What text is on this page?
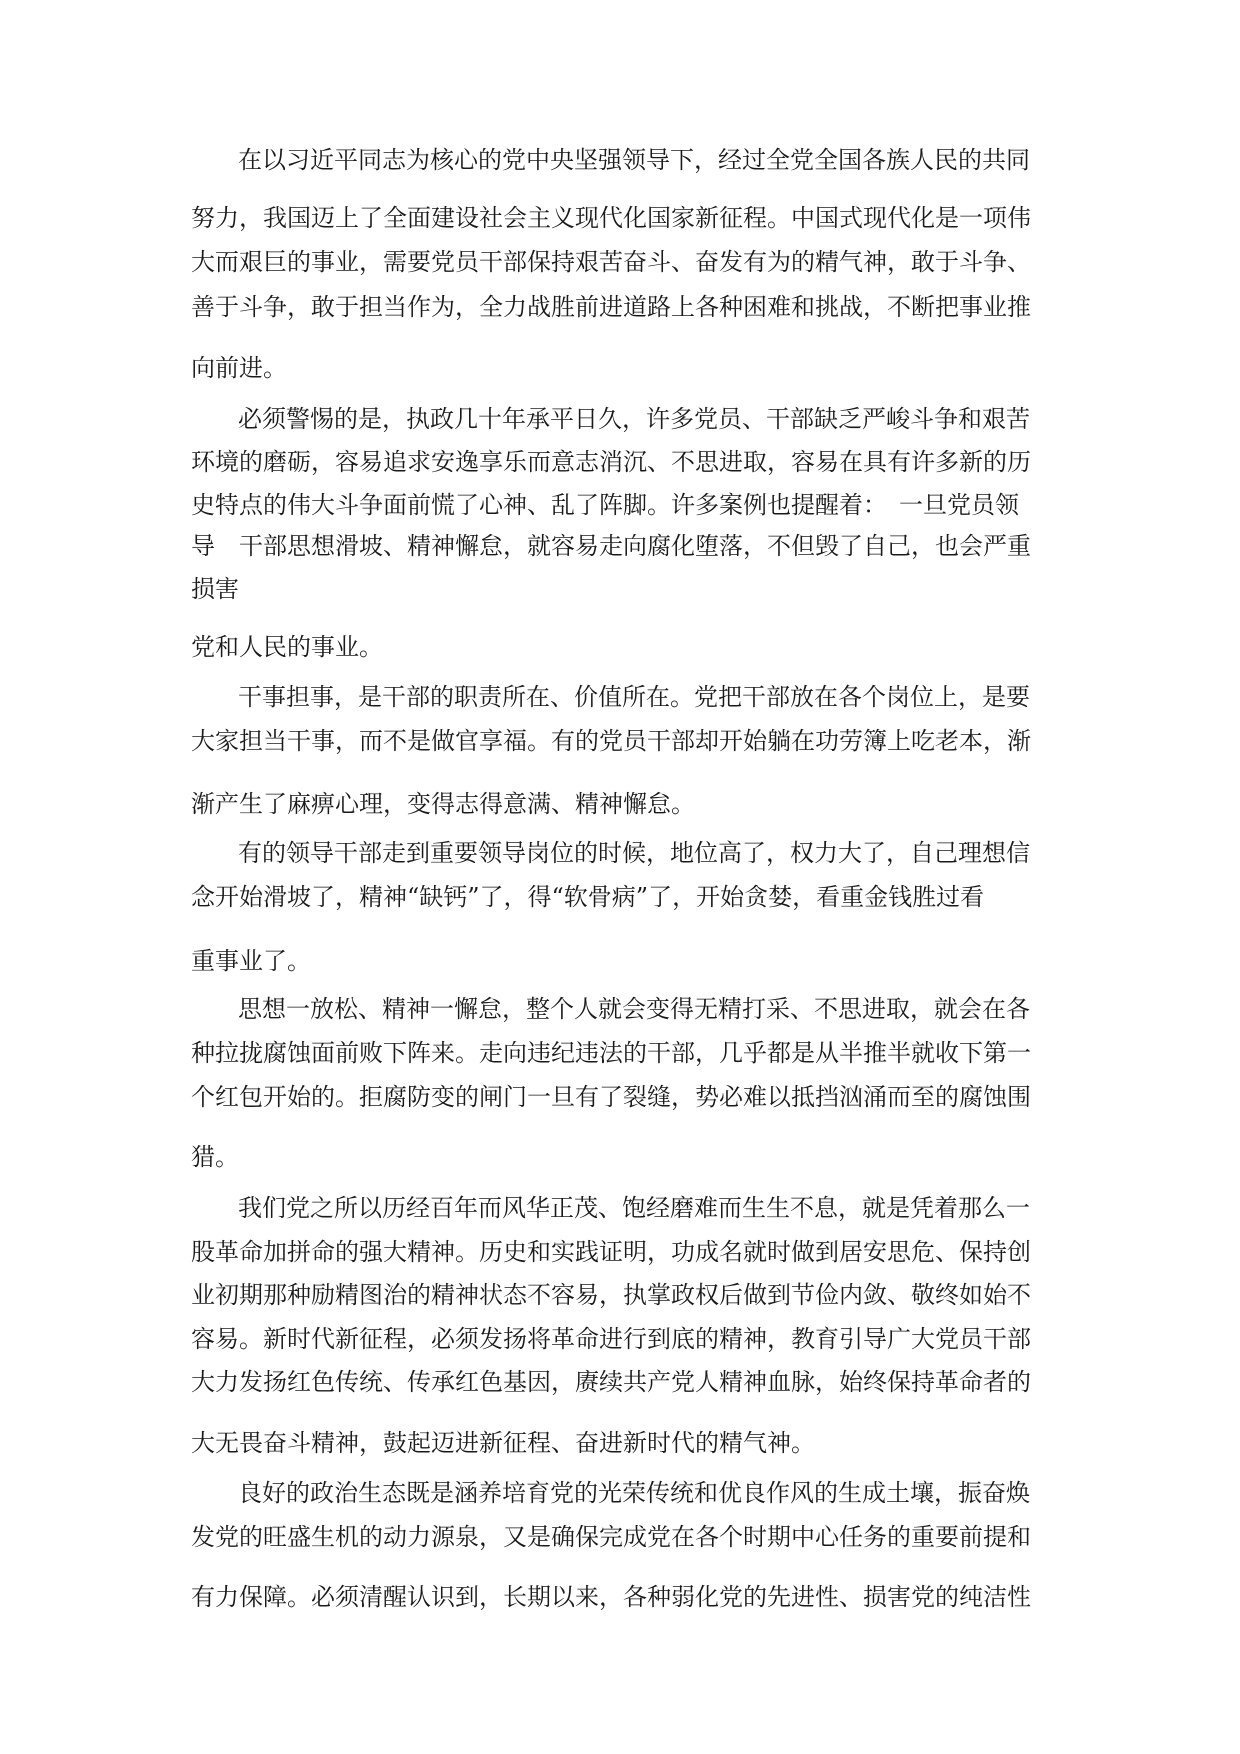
在以习近平同志为核心的党中央坚强领导下，经过全党全国各族人民的共同

努力，我国迈上了全面建设社会主义现代化国家新征程。中国式现代化是一项伟

大而艰巨的事业，需要党员干部保持艰苦奋斗、奋发有为的精气神，敢于斗争、

善于斗争，敢于担当作为，全力战胜前进道路上各种困难和挑战，不断把事业推

向前进。

必须警惕的是，执政几十年承平日久，许多党员、干部缺乏严峻斗争和艰苦

环境的磨砺，容易追求安逸享乐而意志消沉、不思进取，容易在具有许多新的历

史特点的伟大斗争面前慌了心神、乱了阵脚。许多案例也提醒着：　一旦党员领

导　干部思想滑坡、精神懈怠，就容易走向腐化堕落，不但毁了自己，也会严重

损害

党和人民的事业。

干事担事，是干部的职责所在、价值所在。党把干部放在各个岗位上，是要

大家担当干事，而不是做官享福。有的党员干部却开始躺在功劳簿上吃老本，渐

渐产生了麻痹心理，变得志得意满、精神懈怠。

有的领导干部走到重要领导岗位的时候，地位高了，权力大了，自己理想信

念开始滑坡了，精神“缺钙”了，得“软骨病”了，开始贪婪，看重金钱胜过看

重事业了。

思想一放松、精神一懈怠，整个人就会变得无精打采、不思进取，就会在各

种拉拢腐蚀面前败下阵来。走向违纪违法的干部，几乎都是从半推半就收下第一

个红包开始的。拒腐防变的闸门一旦有了裂缝，势必难以抵挡汹涌而至的腐蚀围

猎。

我们党之所以历经百年而风华正茂、饱经磨难而生生不息，就是凭着那么一

股革命加拼命的强大精神。历史和实践证明，功成名就时做到居安思危、保持创

业初期那种励精图治的精神状态不容易，执掌政权后做到节俭内敛、敬终如始不

容易。新时代新征程，必须发扬将革命进行到底的精神，教育引导广大党员干部

大力发扬红色传统、传承红色基因，赓续共产党人精神血脉，始终保持革命者的

大无畏奋斗精神，鼓起迈进新征程、奋进新时代的精气神。

良好的政治生态既是涵养培育党的光荣传统和优良作风的生成土壤，振奋焕

发党的旺盛生机的动力源泉，又是确保完成党在各个时期中心任务的重要前提和

有力保障。必须清醒认识到，长期以来，各种弱化党的先进性、损害党的纯洁性
